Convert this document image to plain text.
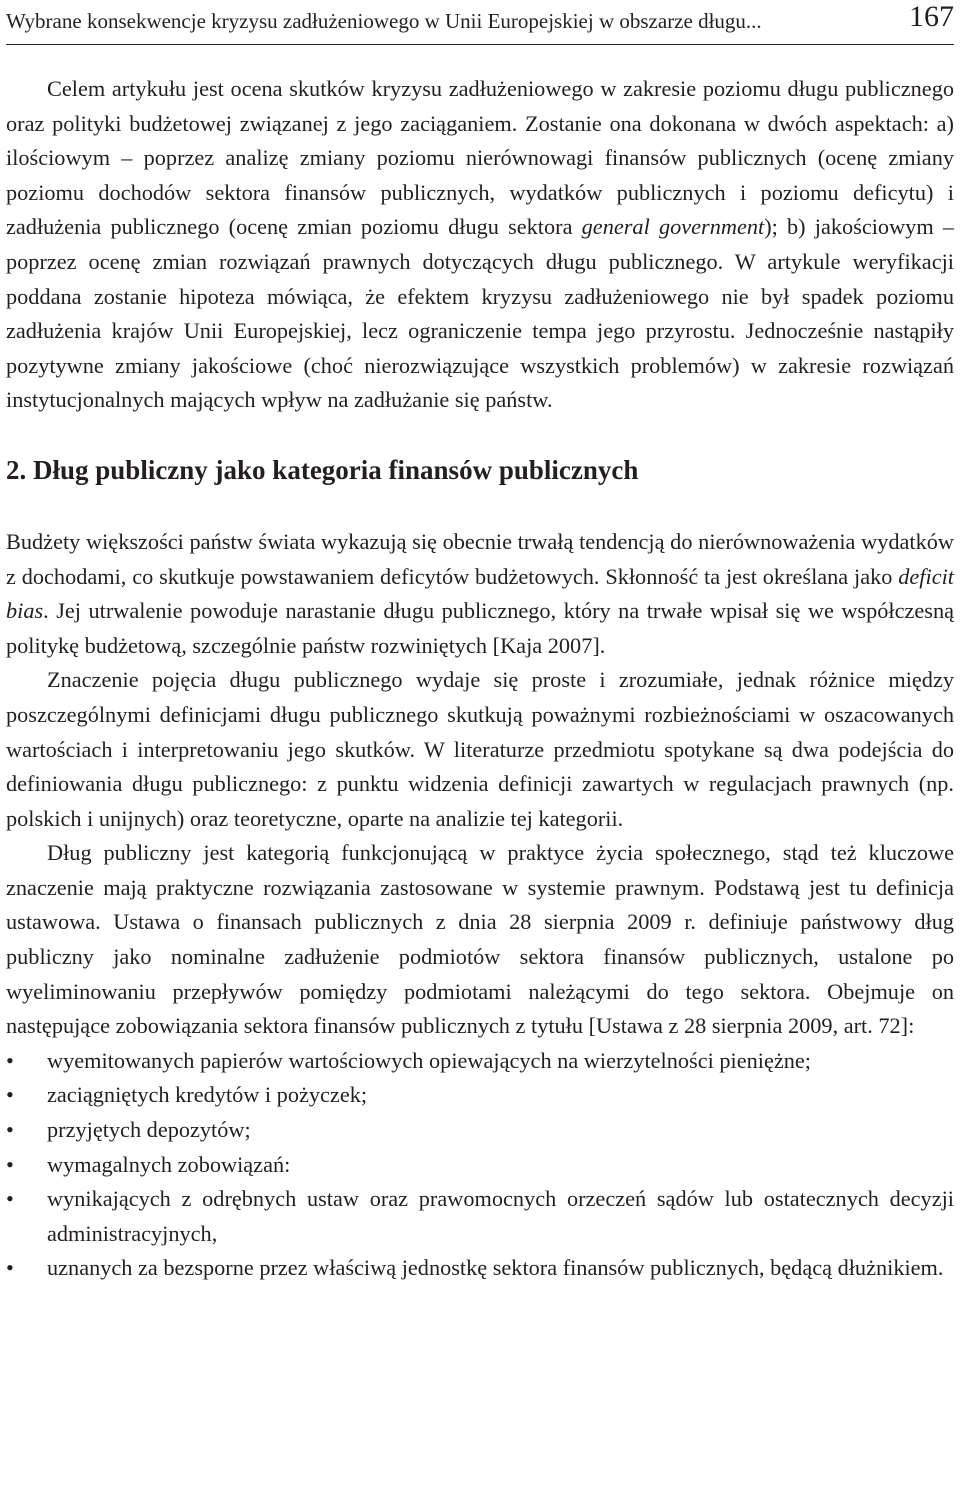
Wybrane konsekwencje kryzysu zadłużeniowego w Unii Europejskiej w obszarze długu...	167

Celem artykułu jest ocena skutków kryzysu zadłużeniowego w zakresie poziomu długu publicznego oraz polityki budżetowej związanej z jego zaciąganiem. Zostanie ona dokonana w dwóch aspektach: a) ilościowym – poprzez analizę zmiany poziomu nierównowagi finansów publicznych (ocenę zmiany poziomu dochodów sektora finansów publicznych, wydatków publicznych i poziomu deficytu) i zadłużenia publicznego (ocenę zmian poziomu długu sektora general government); b) jakościowym – poprzez ocenę zmian rozwiązań prawnych dotyczących długu publicznego. W artykule weryfikacji poddana zostanie hipoteza mówiąca, że efektem kryzysu zadłużeniowego nie był spadek poziomu zadłużenia krajów Unii Europejskiej, lecz ograniczenie tempa jego przyrostu. Jednocześnie nastąpiły pozytywne zmiany jakościowe (choć nierozwiązujące wszystkich problemów) w zakresie rozwiązań instytucjonalnych mających wpływ na zadłużanie się państw.

2. Dług publiczny jako kategoria finansów publicznych

Budżety większości państw świata wykazują się obecnie trwałą tendencją do nierównoważenia wydatków z dochodami, co skutkuje powstawaniem deficytów budżetowych. Skłonność ta jest określana jako deficit bias. Jej utrwalenie powoduje narastanie długu publicznego, który na trwałe wpisał się we współczesną politykę budżetową, szczególnie państw rozwiniętych [Kaja 2007].

Znaczenie pojęcia długu publicznego wydaje się proste i zrozumiałe, jednak różnice między poszczególnymi definicjami długu publicznego skutkują poważnymi rozbieżnościami w oszacowanych wartościach i interpretowaniu jego skutków. W literaturze przedmiotu spotykane są dwa podejścia do definiowania długu publicznego: z punktu widzenia definicji zawartych w regulacjach prawnych (np. polskich i unijnych) oraz teoretyczne, oparte na analizie tej kategorii.

Dług publiczny jest kategorią funkcjonującą w praktyce życia społecznego, stąd też kluczowe znaczenie mają praktyczne rozwiązania zastosowane w systemie prawnym. Podstawą jest tu definicja ustawowa. Ustawa o finansach publicznych z dnia 28 sierpnia 2009 r. definiuje państwowy dług publiczny jako nominalne zadłużenie podmiotów sektora finansów publicznych, ustalone po wyeliminowaniu przepływów pomiędzy podmiotami należącymi do tego sektora. Obejmuje on następujące zobowiązania sektora finansów publicznych z tytułu [Ustawa z 28 sierpnia 2009, art. 72]:

• wyemitowanych papierów wartościowych opiewających na wierzytelności pieniężne;
• zaciągniętych kredytów i pożyczek;
• przyjętych depozytów;
• wymagalnych zobowiązań:
• wynikających z odrębnych ustaw oraz prawomocnych orzeczeń sądów lub ostatecznych decyzji administracyjnych,
• uznanych za bezsporne przez właściwą jednostkę sektora finansów publicznych, będącą dłużnikiem.
